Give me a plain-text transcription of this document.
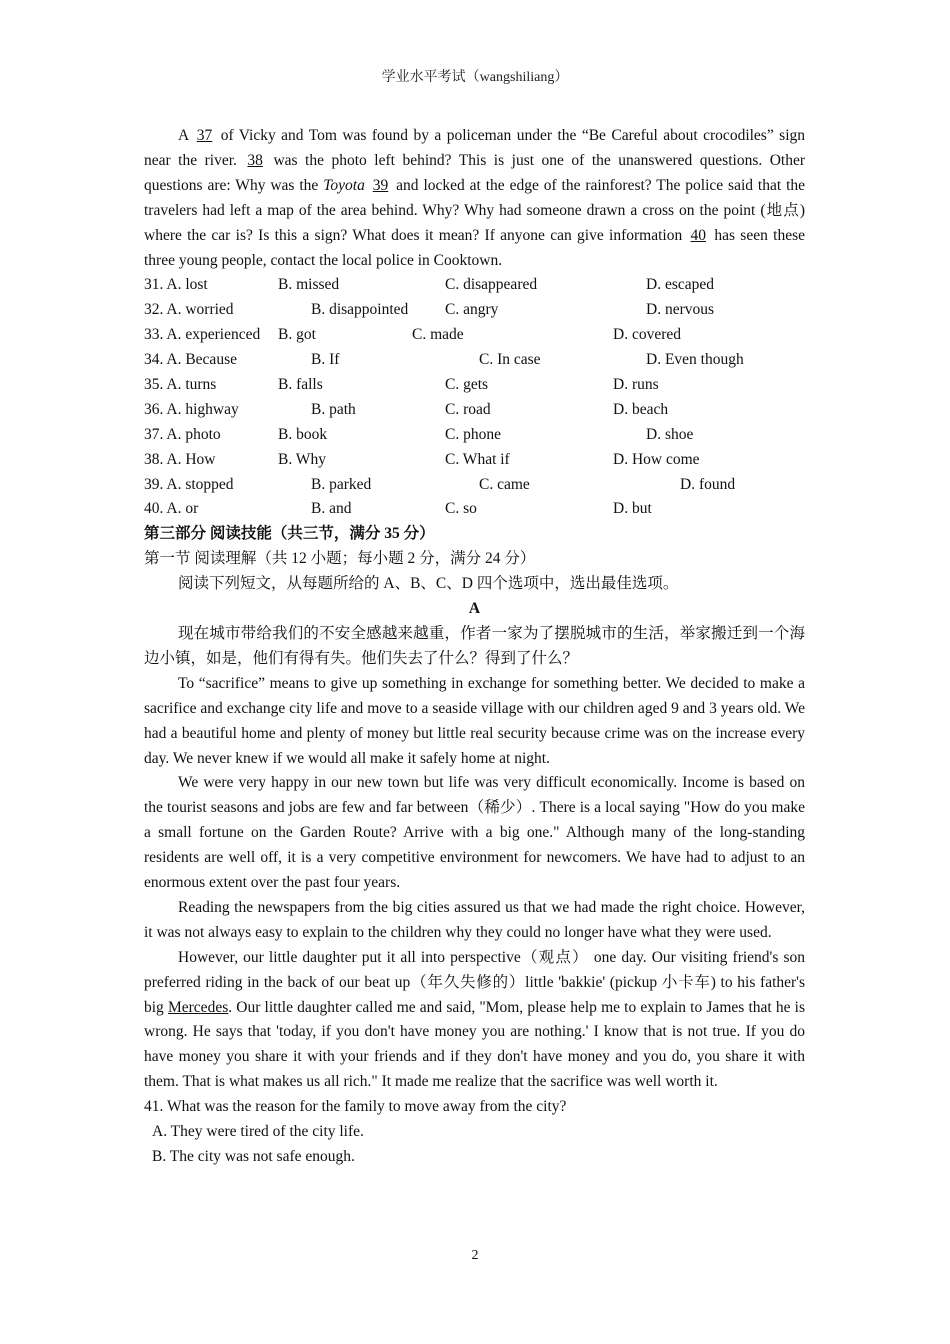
学业水平考试（wangshiliang）

A 37 of Vicky and Tom was found by a policeman under the “Be Careful about crocodiles” sign near the river. 38 was the photo left behind? This is just one of the unanswered questions. Other questions are: Why was the Toyota 39 and locked at the edge of the rainforest? The police said that the travelers had left a map of the area behind. Why? Why had someone drawn a cross on the point (地点) where the car is? Is this a sign? What does it mean? If anyone can give information 40 has seen these three young people, contact the local police in Cooktown.

31. A. lost	B. missed	C. disappeared	D. escaped
32. A. worried	B. disappointed C. angry	D. nervous
33. A. experienced B. got	C. made	D. covered
34. A. Because	B. If	C. In case	D. Even though
35. A. turns	B. falls	C. gets	D. runs
36. A. highway	B. path	C. road	D. beach
37. A. photo	B. book	C. phone	D. shoe
38. A. How	B. Why	C. What if	D. How come
39. A. stopped	B. parked	C. came	D. found
40. A. or	B. and	C. so	D. but
第三部分 阅读技能（共三节，满分 35 分）
第一节 阅读理解（共 12 小题；每小题 2 分，满分 24 分）

阅读下列短文，从每题所给的 A、B、C、D 四个选项中，选出最佳选项。

A

现在城市带给我们的不安全感越来越重，作者一家为了摆脱城市的生活，举家搬迁到一个海边小镇，如是，他们有得有失。他们失去了什么？得到了什么？

To “sacrifice” means to give up something in exchange for something better. We decided to make a sacrifice and exchange city life and move to a seaside village with our children aged 9 and 3 years old. We had a beautiful home and plenty of money but little real security because crime was on the increase every day. We never knew if we would all make it safely home at night.

We were very happy in our new town but life was very difficult economically. Income is based on the tourist seasons and jobs are few and far between（稀少）. There is a local saying "How do you make a small fortune on the Garden Route? Arrive with a big one." Although many of the long-standing residents are well off, it is a very competitive environment for newcomers. We have had to adjust to an enormous extent over the past four years.

Reading the newspapers from the big cities assured us that we had made the right choice. However, it was not always easy to explain to the children why they could no longer have what they were used.

However, our little daughter put it all into perspective（观点） one day. Our visiting friend's son preferred riding in the back of our beat up（年久失修的）little 'bakkie' (pickup 小卡车) to his father's big Mercedes. Our little daughter called me and said, "Mom, please help me to explain to James that he is wrong. He says that 'today, if you don't have money you are nothing.' I know that is not true. If you do have money you share it with your friends and if they don't have money and you do, you share it with them. That is what makes us all rich." It made me realize that the sacrifice was well worth it.

41. What was the reason for the family to move away from the city?
A. They were tired of the city life.
B. The city was not safe enough.
2
